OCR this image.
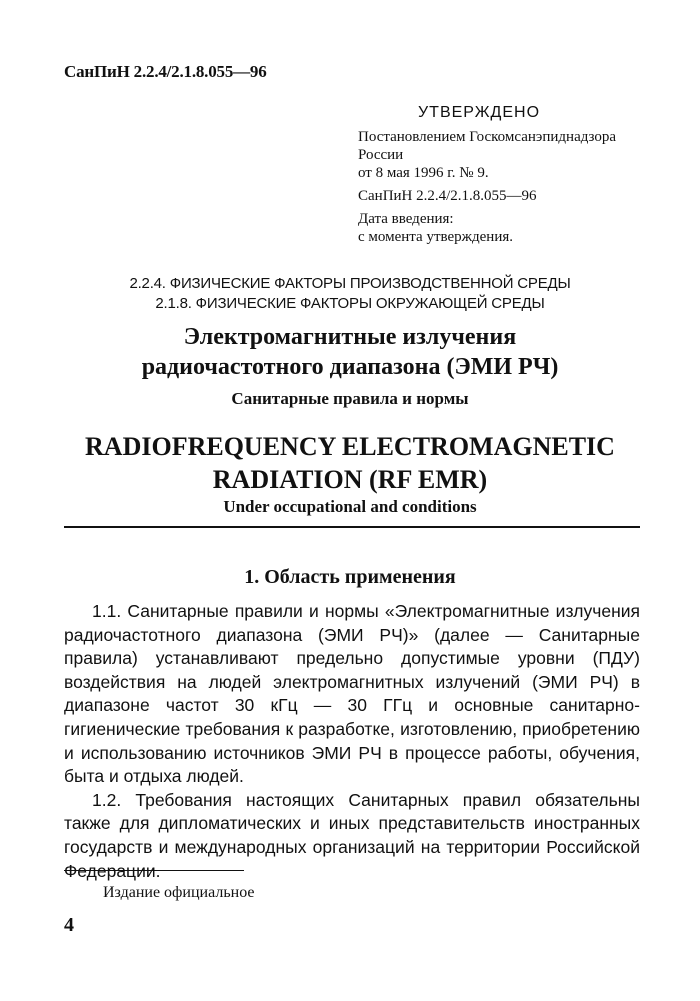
СанПиН 2.2.4/2.1.8.055—96
УТВЕРЖДЕНО
Постановлением Госкомсанэпиднадзора
России
от 8 мая 1996 г. № 9.
СанПиН 2.2.4/2.1.8.055—96
Дата введения:
с момента утверждения.
2.2.4. ФИЗИЧЕСКИЕ ФАКТОРЫ ПРОИЗВОДСТВЕННОЙ СРЕДЫ
2.1.8. ФИЗИЧЕСКИЕ ФАКТОРЫ ОКРУЖАЮЩЕЙ СРЕДЫ
Электромагнитные излучения
радиочастотного диапазона (ЭМИ РЧ)
Санитарные правила и нормы
RADIOFREQUENCY ELECTROMAGNETIC
RADIATION (RF EMR)
Under occupational and conditions
1. Область применения

1.1. Санитарные правили и нормы «Электромагнитные излучения радиочастотного диапазона (ЭМИ РЧ)» (далее — Санитарные правила) устанавливают предельно допустимые уровни (ПДУ) воздействия на людей электромагнитных излучений (ЭМИ РЧ) в диапазоне частот 30 кГц — 30 ГГц и основные санитарно-гигиенические требования к разработке, изготовлению, приобретению и использованию источников ЭМИ РЧ в процессе работы, обучения, быта и отдыха людей.

1.2. Требования настоящих Санитарных правил обязательны также для дипломатических и иных представительств иностранных государств и международных организаций на территории Российской Федерации.

Издание официальное
4
